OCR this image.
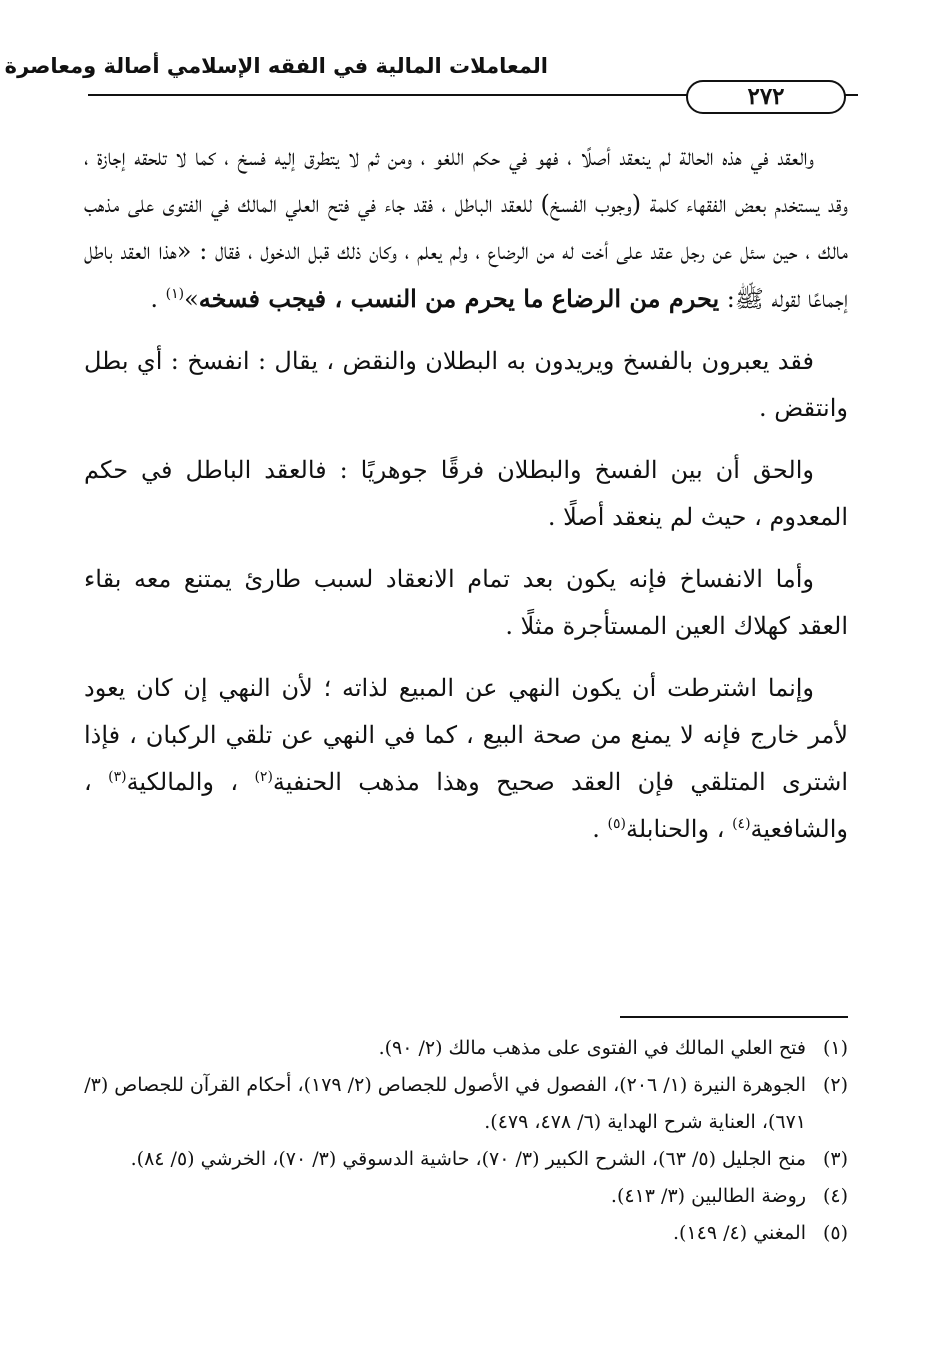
المعاملات المالية في الفقه الإسلامي أصالة ومعاصرة
٢٧٢

والعقد في هذه الحالة لم ينعقد أصلًا ، فهو في حكم اللغو ، ومن ثم لا يتطرق إليه فسخ ، كما لا تلحقه إجازة ، وقد يستخدم بعض الفقهاء كلمة (وجوب الفسخ) للعقد الباطل ، فقد جاء في فتح العلي المالك في الفتوى على مذهب مالك ، حين سئل عن رجل عقد على أخت له من الرضاع ، ولم يعلم ، وكان ذلك قبل الدخول ، فقال : «هذا العقد باطل إجماعًا لقوله ﷺ: يحرم من الرضاع ما يحرم من النسب ، فيجب فسخه»$^{(١)}$ .

فقد يعبرون بالفسخ ويريدون به البطلان والنقض ، يقال : انفسخ : أي بطل وانتقض .

والحق أن بين الفسخ والبطلان فرقًا جوهريًا : فالعقد الباطل في حكم المعدوم ، حيث لم ينعقد أصلًا .

وأما الانفساخ فإنه يكون بعد تمام الانعقاد لسبب طارئ يمتنع معه بقاء العقد كهلاك العين المستأجرة مثلًا .

وإنما اشترطت أن يكون النهي عن المبيع لذاته ؛ لأن النهي إن كان يعود لأمر خارج فإنه لا يمنع من صحة البيع ، كما في النهي عن تلقي الركبان ، فإذا اشترى المتلقي فإن العقد صحيح وهذا مذهب الحنفية$^{(٢)}$ ، والمالكية$^{(٣)}$ ، والشافعية$^{(٤)}$ ، والحنابلة$^{(٥)}$ .

(١)
فتح العلي المالك في الفتوى على مذهب مالك (٢/ ٩٠).
(٢)
الجوهرة النيرة (١/ ٢٠٦)، الفصول في الأصول للجصاص (٢/ ١٧٩)، أحكام القرآن للجصاص (٣/ ٦٧١)، العناية شرح الهداية (٦/ ٤٧٨، ٤٧٩).
(٣)
منح الجليل (٥/ ٦٣)، الشرح الكبير (٣/ ٧٠)، حاشية الدسوقي (٣/ ٧٠)، الخرشي (٥/ ٨٤).
(٤)
روضة الطالبين (٣/ ٤١٣).
(٥)
المغني (٤/ ١٤٩).
